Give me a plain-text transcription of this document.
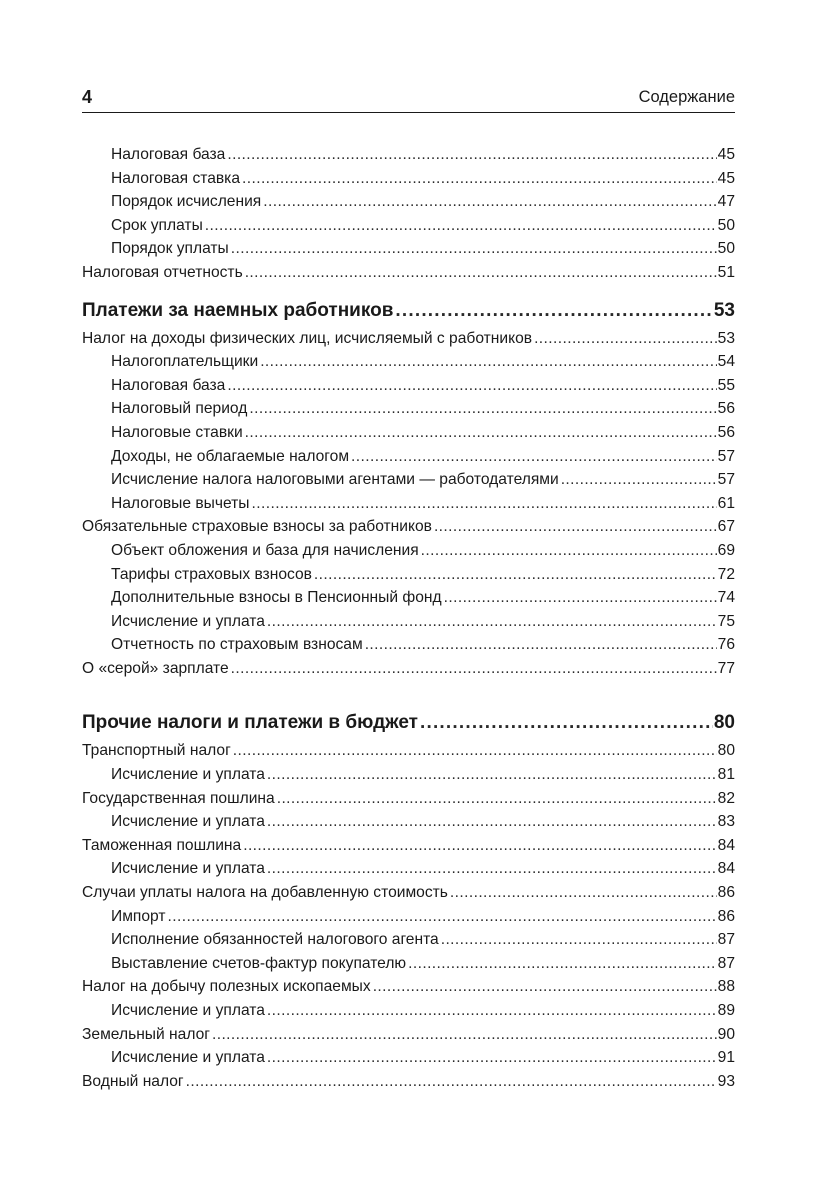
4	Содержание
Налоговая база .....	45
Налоговая ставка .....	45
Порядок исчисления .....	47
Срок уплаты .....	50
Порядок уплаты .....	50
Налоговая отчетность .....	51
Платежи за наемных работников .....	53
Налог на доходы физических лиц, исчисляемый с работников .....	53
Налогоплательщики .....	54
Налоговая база .....	55
Налоговый период .....	56
Налоговые ставки .....	56
Доходы, не облагаемые налогом .....	57
Исчисление налога налоговыми агентами — работодателями .....	57
Налоговые вычеты .....	61
Обязательные страховые взносы за работников .....	67
Объект обложения и база для начисления .....	69
Тарифы страховых взносов .....	72
Дополнительные взносы в Пенсионный фонд .....	74
Исчисление и уплата .....	75
Отчетность по страховым взносам .....	76
О «серой» зарплате .....	77
Прочие налоги и платежи в бюджет .....	80
Транспортный налог .....	80
Исчисление и уплата .....	81
Государственная пошлина .....	82
Исчисление и уплата .....	83
Таможенная пошлина .....	84
Исчисление и уплата .....	84
Случаи уплаты налога на добавленную стоимость .....	86
Импорт .....	86
Исполнение обязанностей налогового агента .....	87
Выставление счетов-фактур покупателю .....	87
Налог на добычу полезных ископаемых .....	88
Исчисление и уплата .....	89
Земельный налог .....	90
Исчисление и уплата .....	91
Водный налог .....	93
